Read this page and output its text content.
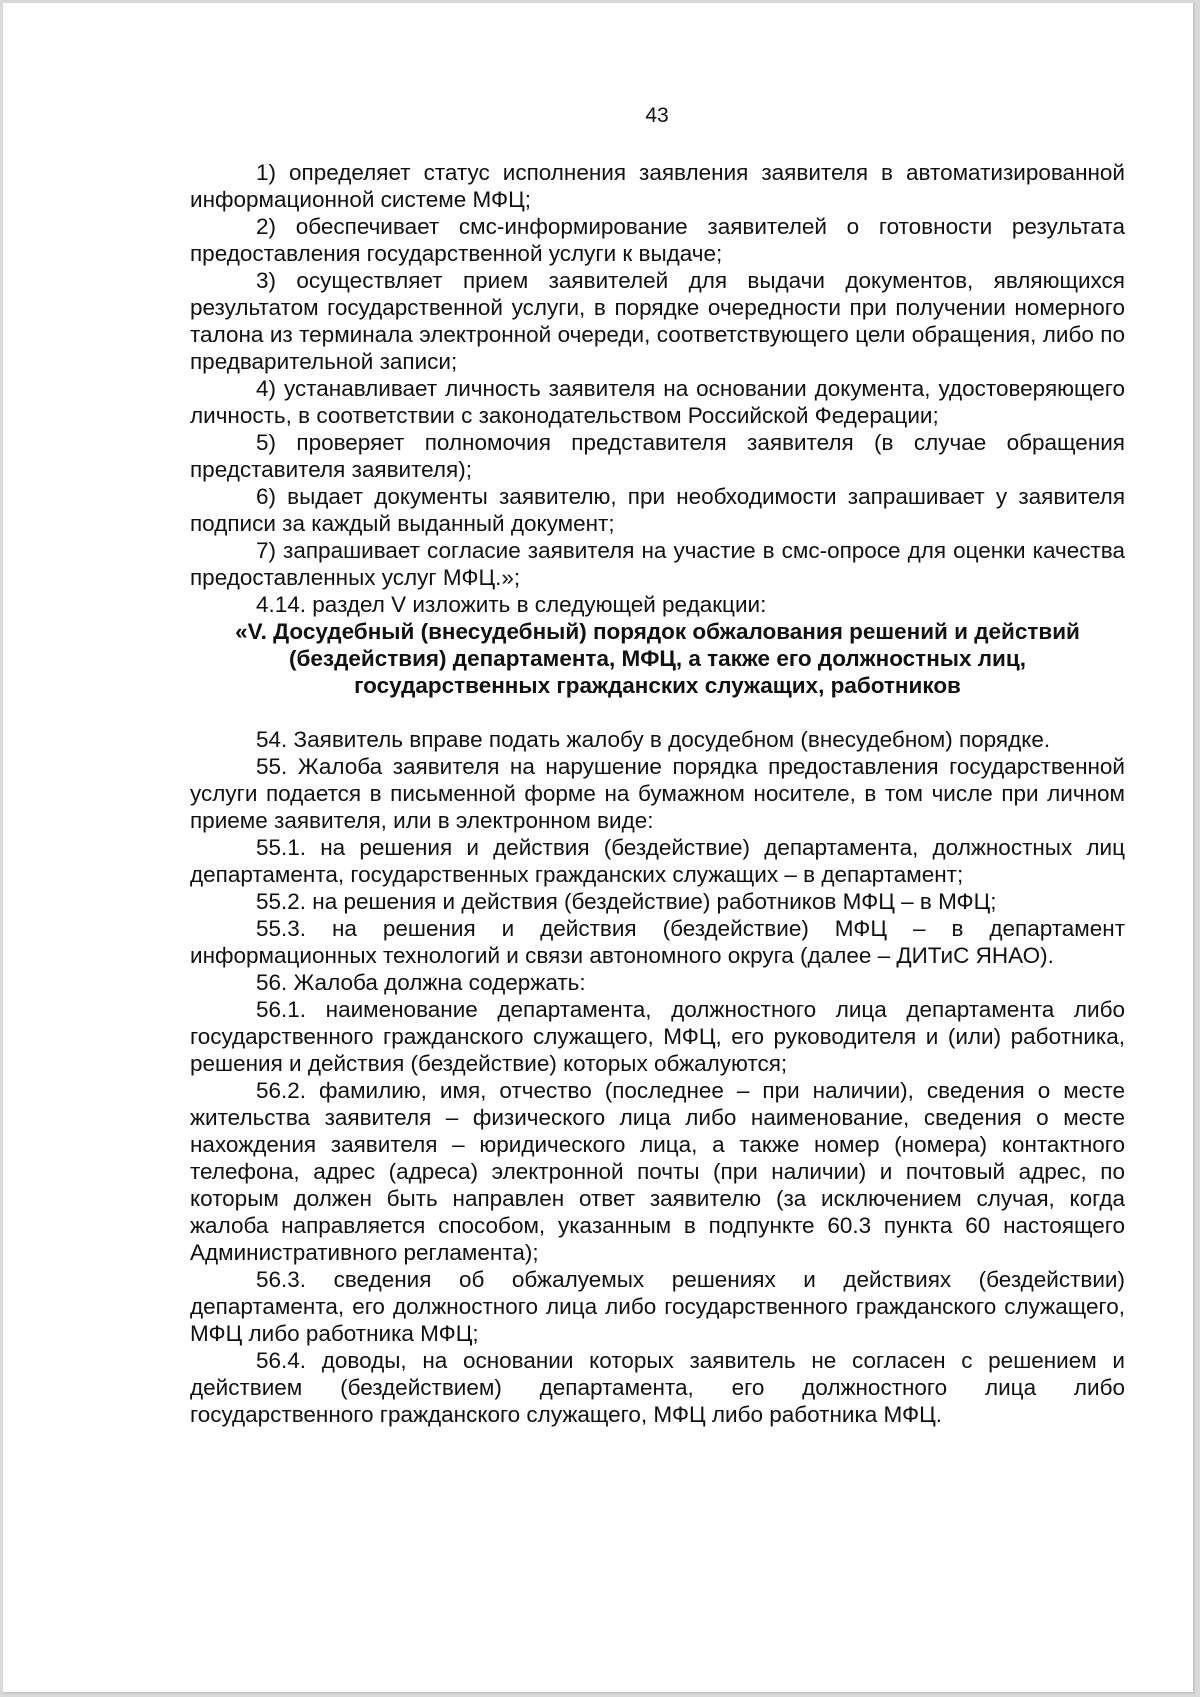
43

1) определяет статус исполнения заявления заявителя в автоматизированной информационной системе МФЦ;

2) обеспечивает смс-информирование заявителей о готовности результата предоставления государственной услуги к выдаче;

3) осуществляет прием заявителей для выдачи документов, являющихся результатом государственной услуги, в порядке очередности при получении номерного талона из терминала электронной очереди, соответствующего цели обращения, либо по предварительной записи;

4) устанавливает личность заявителя на основании документа, удостоверяющего личность, в соответствии с законодательством Российской Федерации;

5) проверяет полномочия представителя заявителя (в случае обращения представителя заявителя);

6) выдает документы заявителю, при необходимости запрашивает у заявителя подписи за каждый выданный документ;

7) запрашивает согласие заявителя на участие в смс-опросе для оценки качества предоставленных услуг МФЦ.»;

4.14. раздел V изложить в следующей редакции:

«V. Досудебный (внесудебный) порядок обжалования решений и действий (бездействия) департамента, МФЦ, а также его должностных лиц, государственных гражданских служащих, работников

54. Заявитель вправе подать жалобу в досудебном (внесудебном) порядке.

55. Жалоба заявителя на нарушение порядка предоставления государственной услуги подается в письменной форме на бумажном носителе, в том числе при личном приеме заявителя, или в электронном виде:

55.1. на решения и действия (бездействие) департамента, должностных лиц департамента, государственных гражданских служащих – в департамент;

55.2. на решения и действия (бездействие) работников МФЦ – в МФЦ;

55.3. на решения и действия (бездействие) МФЦ – в департамент информационных технологий и связи автономного округа (далее – ДИТиС ЯНАО).

56. Жалоба должна содержать:

56.1. наименование департамента, должностного лица департамента либо государственного гражданского служащего, МФЦ, его руководителя и (или) работника, решения и действия (бездействие) которых обжалуются;

56.2. фамилию, имя, отчество (последнее – при наличии), сведения о месте жительства заявителя – физического лица либо наименование, сведения о месте нахождения заявителя – юридического лица, а также номер (номера) контактного телефона, адрес (адреса) электронной почты (при наличии) и почтовый адрес, по которым должен быть направлен ответ заявителю (за исключением случая, когда жалоба направляется способом, указанным в подпункте 60.3 пункта 60 настоящего Административного регламента);

56.3. сведения об обжалуемых решениях и действиях (бездействии) департамента, его должностного лица либо государственного гражданского служащего, МФЦ либо работника МФЦ;

56.4. доводы, на основании которых заявитель не согласен с решением и действием (бездействием) департамента, его должностного лица либо государственного гражданского служащего, МФЦ либо работника МФЦ.
